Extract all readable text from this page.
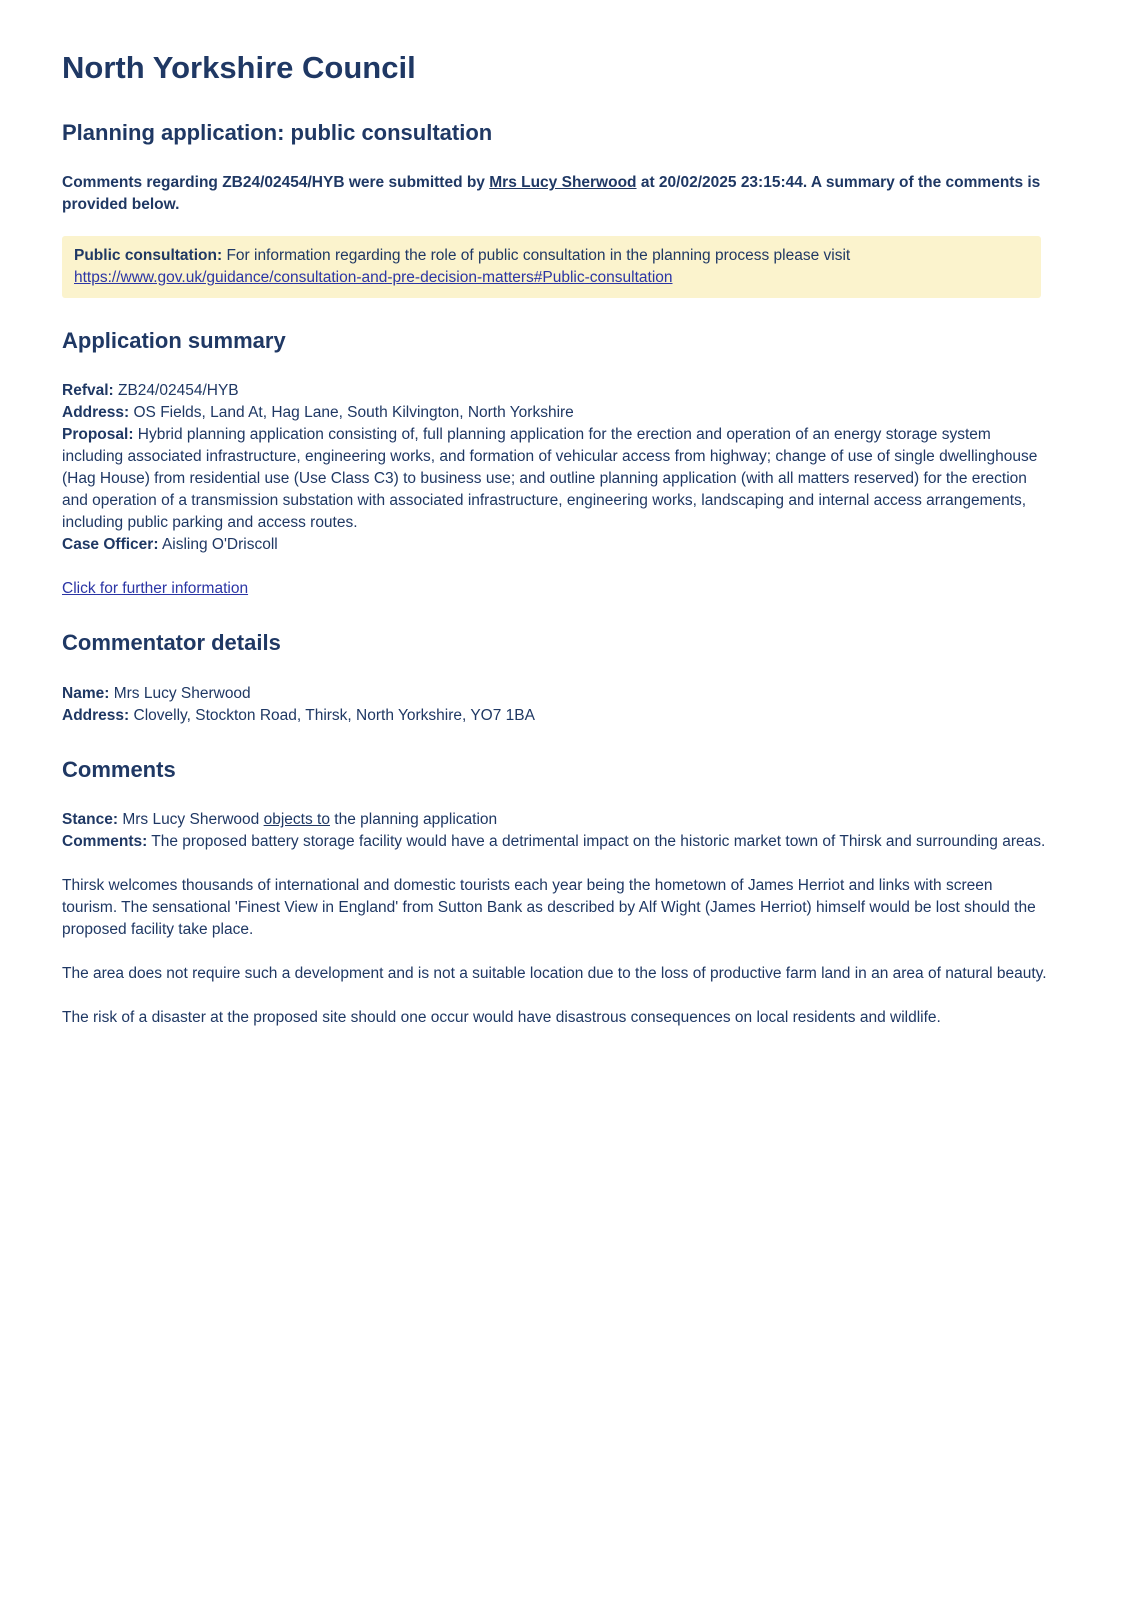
North Yorkshire Council
Planning application: public consultation

Comments regarding ZB24/02454/HYB were submitted by Mrs Lucy Sherwood at 20/02/2025 23:15:44. A summary of the comments is provided below.

Public consultation: For information regarding the role of public consultation in the planning process please visit https://www.gov.uk/guidance/consultation-and-pre-decision-matters#Public-consultation
Application summary

Refval: ZB24/02454/HYB

Address: OS Fields, Land At, Hag Lane, South Kilvington, North Yorkshire

Proposal: Hybrid planning application consisting of, full planning application for the erection and operation of an energy storage system including associated infrastructure, engineering works, and formation of vehicular access from highway; change of use of single dwellinghouse (Hag House) from residential use (Use Class C3) to business use; and outline planning application (with all matters reserved) for the erection and operation of a transmission substation with associated infrastructure, engineering works, landscaping and internal access arrangements, including public parking and access routes.

Case Officer: Aisling O'Driscoll

Click for further information

Commentator details

Name: Mrs Lucy Sherwood

Address: Clovelly, Stockton Road, Thirsk, North Yorkshire, YO7 1BA

Comments

Stance: Mrs Lucy Sherwood objects to the planning application

Comments: The proposed battery storage facility would have a detrimental impact on the historic market town of Thirsk and surrounding areas.

Thirsk welcomes thousands of international and domestic tourists each year being the hometown of James Herriot and links with screen tourism. The sensational 'Finest View in England' from Sutton Bank as described by Alf Wight (James Herriot) himself would be lost should the proposed facility take place.

The area does not require such a development and is not a suitable location due to the loss of productive farm land in an area of natural beauty.

The risk of a disaster at the proposed site should one occur would have disastrous consequences on local residents and wildlife.
